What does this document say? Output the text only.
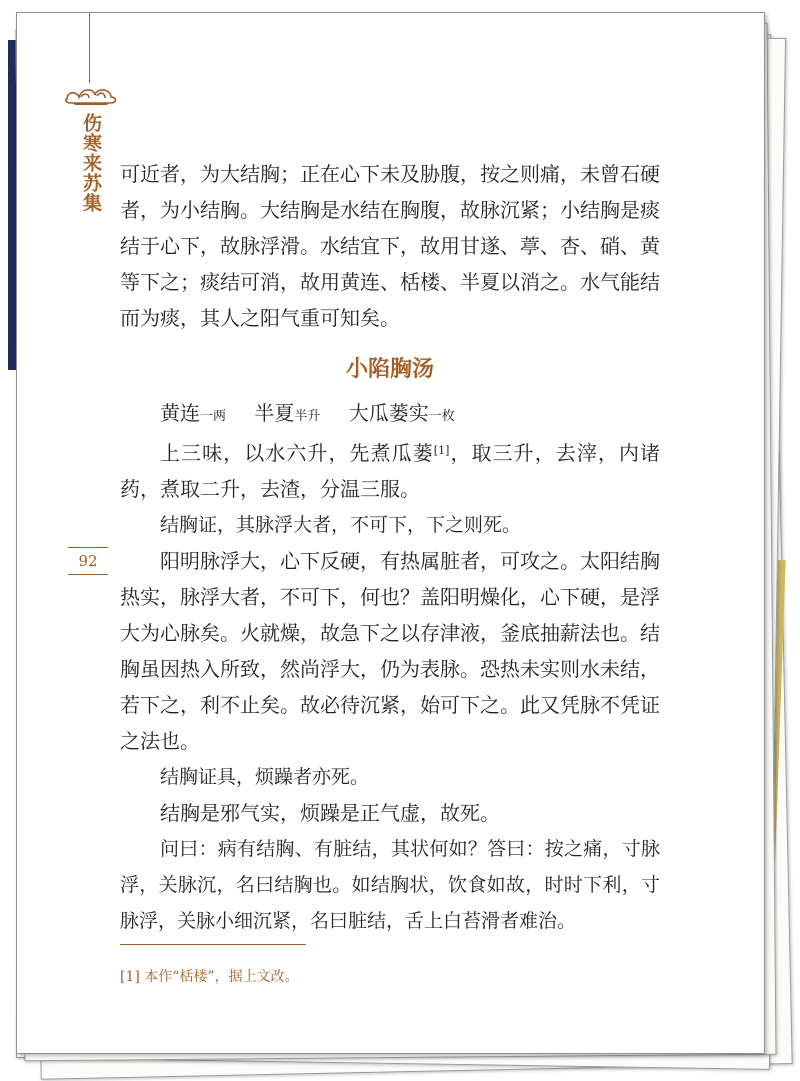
伤寒来苏集
92

可近者，为大结胸；正在心下未及胁腹，按之则痛，未曾石硬者，为小结胸。大结胸是水结在胸腹，故脉沉紧；小结胸是痰结于心下，故脉浮滑。水结宜下，故用甘遂、葶、杏、硝、黄等下之；痰结可消，故用黄连、栝楼、半夏以消之。水气能结而为痰，其人之阳气重可知矣。

小陷胸汤
黄连一两 半夏半升 大瓜蒌实一枚

上三味，以水六升，先煮瓜蒌[1]，取三升，去滓，内诸药，煮取二升，去渣，分温三服。

结胸证，其脉浮大者，不可下，下之则死。

阳明脉浮大，心下反硬，有热属脏者，可攻之。太阳结胸热实，脉浮大者，不可下，何也？盖阳明燥化，心下硬，是浮大为心脉矣。火就燥，故急下之以存津液，釜底抽薪法也。结胸虽因热入所致，然尚浮大，仍为表脉。恐热未实则水未结，若下之，利不止矣。故必待沉紧，始可下之。此又凭脉不凭证之法也。

结胸证具，烦躁者亦死。

结胸是邪气实，烦躁是正气虚，故死。

问曰：病有结胸、有脏结，其状何如？答曰：按之痛，寸脉浮，关脉沉，名曰结胸也。如结胸状，饮食如故，时时下利，寸脉浮，关脉小细沉紧，名曰脏结，舌上白苔滑者难治。

[1] 本作“栝楼”，据上文改。
